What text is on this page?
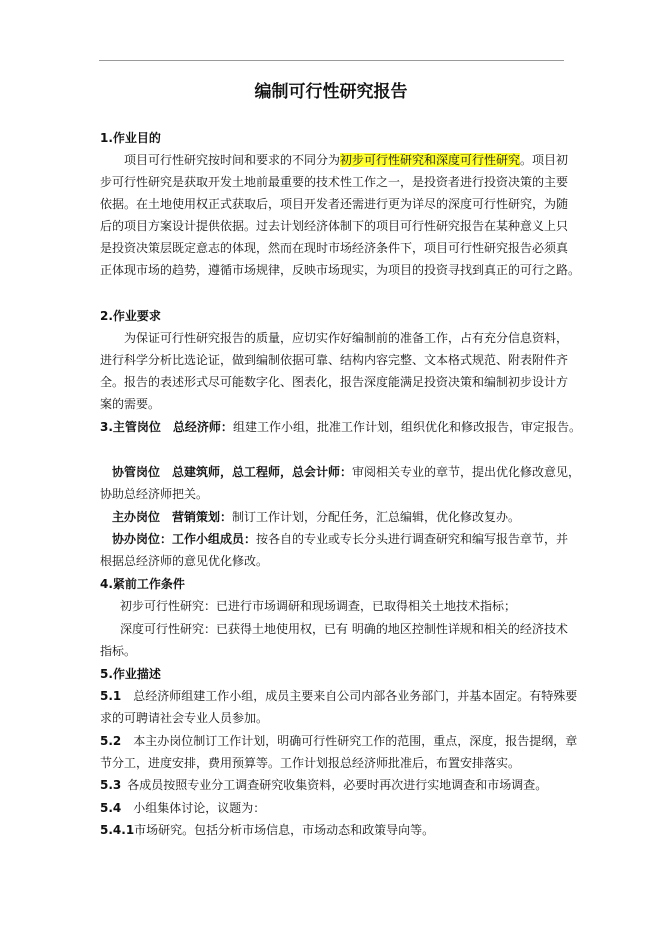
编制可行性研究报告
1.作业目的
项目可行性研究按时间和要求的不同分为初步可行性研究和深度可行性研究。项目初
步可行性研究是获取开发土地前最重要的技术性工作之一，是投资者进行投资决策的主要
依据。在土地使用权正式获取后，项目开发者还需进行更为详尽的深度可行性研究，为随
后的项目方案设计提供依据。过去计划经济体制下的项目可行性研究报告在某种意义上只
是投资决策层既定意志的体现，然而在现时市场经济条件下，项目可行性研究报告必须真
正体现市场的趋势，遵循市场规律，反映市场现实，为项目的投资寻找到真正的可行之路。
2.作业要求
为保证可行性研究报告的质量，应切实作好编制前的准备工作，占有充分信息资料，
进行科学分析比选论证，做到编制依据可靠、结构内容完整、文本格式规范、附表附件齐
全。报告的表述形式尽可能数字化、图表化，报告深度能满足投资决策和编制初步设计方
案的需要。
3.主管岗位 总经济师：组建工作小组，批准工作计划，组织优化和修改报告，审定报告。
协管岗位 总建筑师，总工程师，总会计师：审阅相关专业的章节，提出优化修改意见，
协助总经济师把关。
主办岗位 营销策划：制订工作计划，分配任务，汇总编辑，优化修改复办。
协办岗位：工作小组成员：按各自的专业或专长分头进行调查研究和编写报告章节，并
根据总经济师的意见优化修改。
4.紧前工作条件
初步可行性研究：已进行市场调研和现场调查，已取得相关土地技术指标；
深度可行性研究：已获得土地使用权，已有 明确的地区控制性详规和相关的经济技术
指标。
5.作业描述
5.1 总经济师组建工作小组，成员主要来自公司内部各业务部门，并基本固定。有特殊要
求的可聘请社会专业人员参加。
5.2 本主办岗位制订工作计划，明确可行性研究工作的范围，重点，深度，报告提纲，章
节分工，进度安排，费用预算等。工作计划报总经济师批准后，布置安排落实。
5.3 各成员按照专业分工调查研究收集资料，必要时再次进行实地调查和市场调查。
5.4 小组集体讨论，议题为：
5.4.1市场研究。包括分析市场信息，市场动态和政策导向等。
